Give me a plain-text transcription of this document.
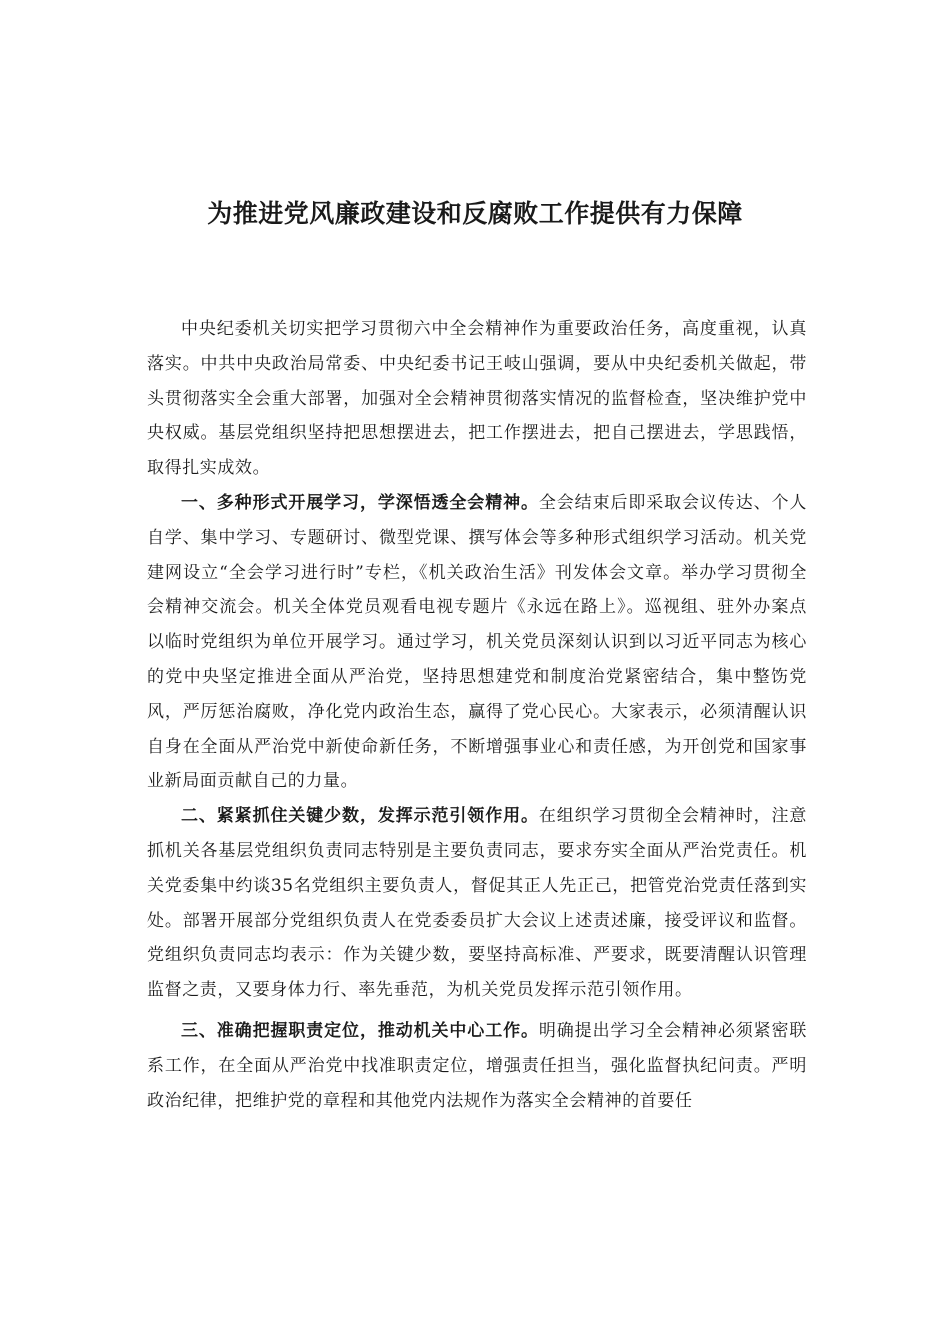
为推进党风廉政建设和反腐败工作提供有力保障

中央纪委机关切实把学习贯彻六中全会精神作为重要政治任务，高度重视，认真落实。中共中央政治局常委、中央纪委书记王岐山强调，要从中央纪委机关做起，带头贯彻落实全会重大部署，加强对全会精神贯彻落实情况的监督检查，坚决维护党中央权威。基层党组织坚持把思想摆进去，把工作摆进去，把自己摆进去，学思践悟，取得扎实成效。

一、多种形式开展学习，学深悟透全会精神。全会结束后即采取会议传达、个人自学、集中学习、专题研讨、微型党课、撰写体会等多种形式组织学习活动。机关党建网设立“全会学习进行时”专栏，《机关政治生活》刊发体会文章。举办学习贯彻全会精神交流会。机关全体党员观看电视专题片《永远在路上》。巡视组、驻外办案点以临时党组织为单位开展学习。通过学习，机关党员深刻认识到以习近平同志为核心的党中央坚定推进全面从严治党，坚持思想建党和制度治党紧密结合，集中整饬党风，严厉惩治腐败，净化党内政治生态，赢得了党心民心。大家表示，必须清醒认识自身在全面从严治党中新使命新任务，不断增强事业心和责任感，为开创党和国家事业新局面贡献自己的力量。

二、紧紧抓住关键少数，发挥示范引领作用。在组织学习贯彻全会精神时，注意抓机关各基层党组织负责同志特别是主要负责同志，要求夯实全面从严治党责任。机关党委集中约谈35名党组织主要负责人，督促其正人先正己，把管党治党责任落到实处。部署开展部分党组织负责人在党委委员扩大会议上述责述廉，接受评议和监督。党组织负责同志均表示：作为关键少数，要坚持高标准、严要求，既要清醒认识管理监督之责，又要身体力行、率先垂范，为机关党员发挥示范引领作用。

三、准确把握职责定位，推动机关中心工作。明确提出学习全会精神必须紧密联系工作，在全面从严治党中找准职责定位，增强责任担当，强化监督执纪问责。严明政治纪律，把维护党的章程和其他党内法规作为落实全会精神的首要任
